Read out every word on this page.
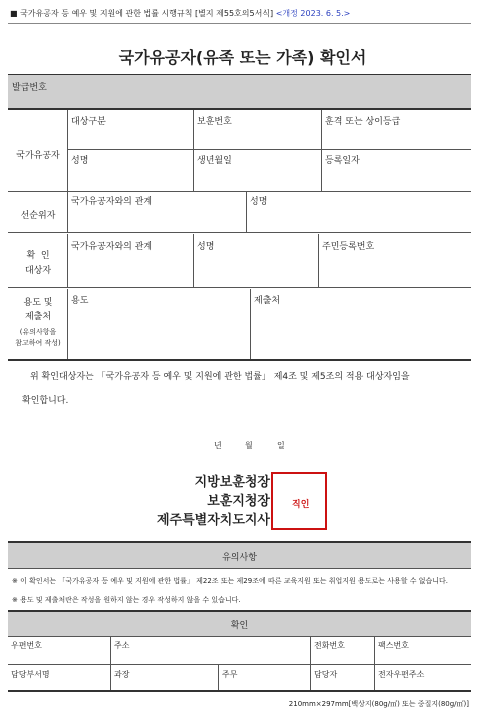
■ 국가유공자 등 예우 및 지원에 관한 법률 시행규칙 [별지 제55호의5서식] <개정 2023. 6. 5.>
국가유공자(유족 또는 가족) 확인서
발급번호
국가유공자
대상구분	보훈번호	훈격 또는 상이등급
성명	생년월일	등록일자
선순위자
국가유공자와의 관계	성명
확  인
대상자
국가유공자와의 관계	성명	주민등록번호
용도 및
제출처
(유의사항을
참고하여 작성)
용도	제출처
위 확인대상자는 「국가유공자 등 예우 및 지원에 관한 법률」 제4조 및 제5조의 적용 대상자임을
확인합니다.
년	월	일
지방보훈청장
보훈지청장
제주특별자치도지사
직인
유의사항
※ 이 확인서는 「국가유공자 등 예우 및 지원에 관한 법률」 제22조 또는 제29조에 따른 교육지원 또는 취업지원 용도로는 사용할 수 없습니다.
※ 용도 및 제출처란은 작성을 원하지 않는 경우 작성하지 않을 수 있습니다.
확인
우편번호	주소	전화번호	팩스번호
담당부서명	과장	주무	담당자	전자우편주소
210mm×297mm[백상지(80g/㎡) 또는 중질지(80g/㎡)]
